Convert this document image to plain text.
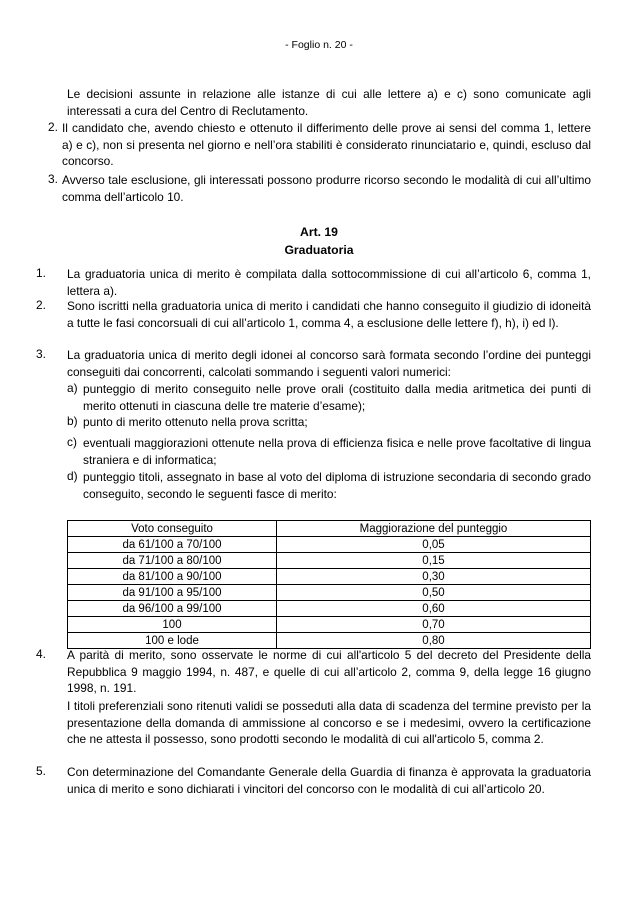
- Foglio n. 20 -

Le decisioni assunte in relazione alle istanze di cui alle lettere a) e c) sono comunicate agli interessati a cura del Centro di Reclutamento.

2. Il candidato che, avendo chiesto e ottenuto il differimento delle prove ai sensi del comma 1, lettere a) e c), non si presenta nel giorno e nell’ora stabiliti è considerato rinunciatario e, quindi, escluso dal concorso.

3. Avverso tale esclusione, gli interessati possono produrre ricorso secondo le modalità di cui all’ultimo comma dell’articolo 10.

Art. 19
Graduatoria
1. La graduatoria unica di merito è compilata dalla sottocommissione di cui all’articolo 6, comma 1, lettera a).

2. Sono iscritti nella graduatoria unica di merito i candidati che hanno conseguito il giudizio di idoneità a tutte le fasi concorsuali di cui all’articolo 1, comma 4, a esclusione delle lettere f), h), i) ed l).

3. La graduatoria unica di merito degli idonei al concorso sarà formata secondo l’ordine dei punteggi conseguiti dai concorrenti, calcolati sommando i seguenti valori numerici:

a) punteggio di merito conseguito nelle prove orali (costituito dalla media aritmetica dei punti di merito ottenuti in ciascuna delle tre materie d’esame);

b) punto di merito ottenuto nella prova scritta;

c) eventuali maggiorazioni ottenute nella prova di efficienza fisica e nelle prove facoltative di lingua straniera e di informatica;

d) punteggio titoli, assegnato in base al voto del diploma di istruzione secondaria di secondo grado conseguito, secondo le seguenti fasce di merito:

Voto conseguito	Maggiorazione del punteggio
da 61/100 a 70/100	0,05
da 71/100 a 80/100	0,15
da 81/100 a 90/100	0,30
da 91/100 a 95/100	0,50
da 96/100 a 99/100	0,60
100	0,70
100 e lode	0,80
4. A parità di merito, sono osservate le norme di cui all'articolo 5 del decreto del Presidente della Repubblica 9 maggio 1994, n. 487, e quelle di cui all’articolo 2, comma 9, della legge 16 giugno 1998, n. 191.

I titoli preferenziali sono ritenuti validi se posseduti alla data di scadenza del termine previsto per la presentazione della domanda di ammissione al concorso e se i medesimi, ovvero la certificazione che ne attesta il possesso, sono prodotti secondo le modalità di cui all'articolo 5, comma 2.

5. Con determinazione del Comandante Generale della Guardia di finanza è approvata la graduatoria unica di merito e sono dichiarati i vincitori del concorso con le modalità di cui all’articolo 20.
